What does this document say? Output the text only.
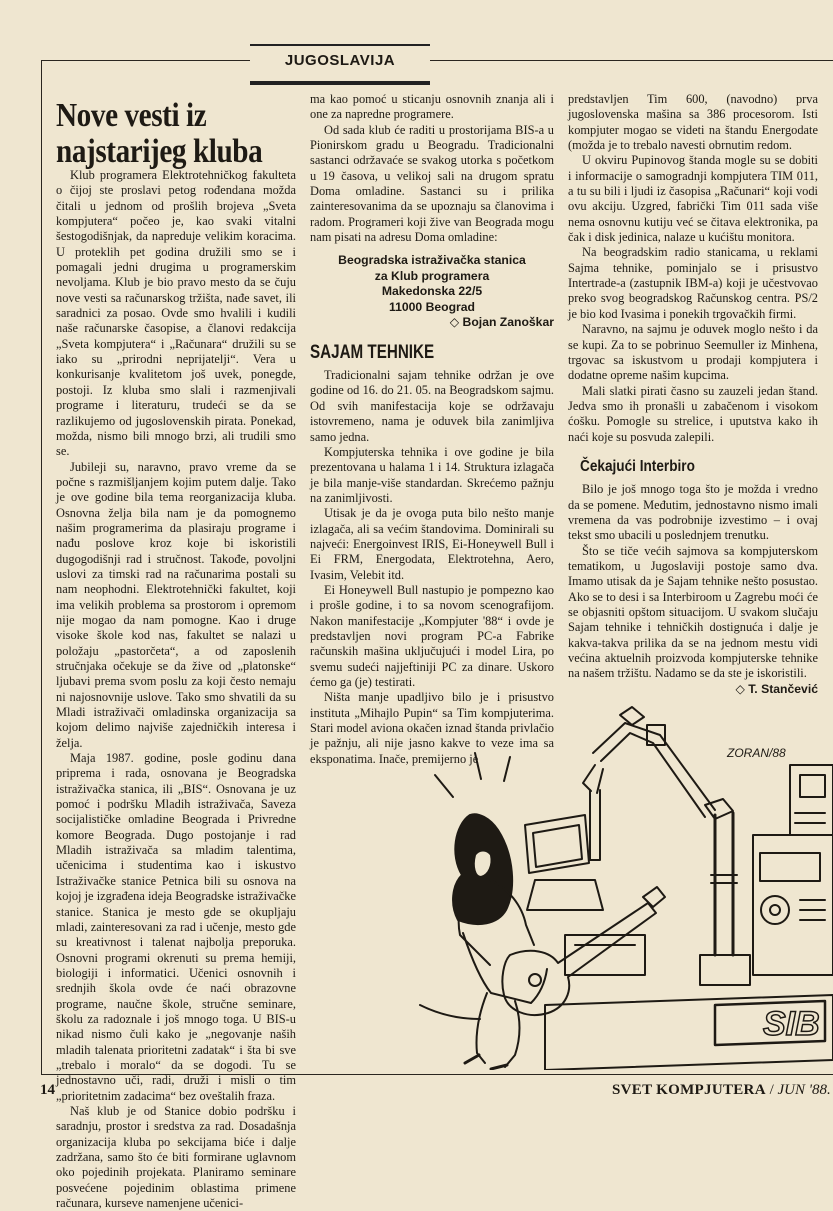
JUGOSLAVIJA
Nove vesti iz
najstarijeg kluba

Klub programera Elektrotehničkog fakulteta o čijoj ste proslavi petog rođendana možda čitali u jednom od prošlih brojeva „Sveta kompjutera“ počeo je, kao svaki vitalni šestogodišnjak, da napreduje velikim koracima. U proteklih pet godina družili smo se i pomagali jedni drugima u programerskim nevoljama. Klub je bio pravo mesto da se čuju nove vesti sa računarskog tržišta, nađe savet, ili saradnici za posao. Ovde smo hvalili i kudili naše računarske časopise, a članovi redakcija „Sveta kompjutera“ i „Računara“ družili su se iako su „prirodni neprijatelji“. Vera u konkurisanje kvalitetom još uvek, ponegde, postoji. Iz kluba smo slali i razmenjivali programe i literaturu, trudeći se da se razlikujemo od jugoslovenskih pirata. Ponekad, možda, nismo bili mnogo brzi, ali trudili smo se.

Jubileji su, naravno, pravo vreme da se počne s razmišljanjem kojim putem dalje. Tako je ove godine bila tema reorganizacija kluba. Osnovna želja bila nam je da pomognemo našim programerima da plasiraju programe i nađu poslove kroz koje bi iskoristili dugogodišnji rad i stručnost. Takođe, povoljni uslovi za timski rad na računarima postali su nam neophodni. Elektrotehnički fakultet, koji ima velikih problema sa prostorom i opremom nije mogao da nam pomogne. Kao i druge visoke škole kod nas, fakultet se nalazi u položaju „pastorčeta“, a od zaposlenih stručnjaka očekuje se da žive od „platonske“ ljubavi prema svom poslu za koji često nemaju ni najosnovnije uslove. Tako smo shvatili da su Mladi istraživači omladinska organizacija sa kojom delimo najviše zajedničkih interesa i želja.

Maja 1987. godine, posle godinu dana priprema i rada, osnovana je Beogradska istraživačka stanica, ili „BIS“. Osnovana je uz pomoć i podršku Mladih istraživača, Saveza socijalističke omladine Beograda i Privredne komore Beograda. Dugo postojanje i rad Mladih istraživača sa mladim talentima, učenicima i studentima kao i iskustvo Istraživačke stanice Petnica bili su osnova na kojoj je izgrađena ideja Beogradske istraživačke stanice. Stanica je mesto gde se okupljaju mladi, zainteresovani za rad i učenje, mesto gde su kreativnost i talenat najbolja preporuka. Osnovni programi okrenuti su prema hemiji, biologiji i informatici. Učenici osnovnih i srednjih škola ovde će naći obrazovne programe, naučne škole, stručne seminare, školu za radoznale i još mnogo toga. U BIS-u nikad nismo čuli kako je „negovanje naših mladih talenata prioritetni zadatak“ i šta bi sve „trebalo i moralo“ da se dogodi. Tu se jednostavno uči, radi, druži i misli o tim „prioritetnim zadacima“ bez oveštalih fraza.

Naš klub je od Stanice dobio podršku i saradnju, prostor i sredstva za rad. Dosadašnja organizacija kluba po sekcijama biće i dalje zadržana, samo što će biti formirane uglavnom oko pojedinih projekata. Planiramo seminare posvećene pojedinim oblastima primene računara, kurseve namenjene učenici-

ma kao pomoć u sticanju osnovnih znanja ali i one za napredne programere.

Od sada klub će raditi u prostorijama BIS-a u Pionirskom gradu u Beogradu. Tradicionalni sastanci održavaće se svakog utorka s početkom u 19 časova, u velikoj sali na drugom spratu Doma omladine. Sastanci su i prilika zainteresovanima da se upoznaju sa članovima i radom. Programeri koji žive van Beograda mogu nam pisati na adresu Doma omladine:

Beogradska istraživačka stanica
za Klub programera
Makedonska 22/5
11000 Beograd
◇ Bojan Zanoškar
SAJAM TEHNIKE

Tradicionalni sajam tehnike održan je ove godine od 16. do 21. 05. na Beogradskom sajmu. Od svih manifestacija koje se održavaju istovremeno, nama je oduvek bila zanimljiva samo jedna.

Kompjuterska tehnika i ove godine je bila prezentovana u halama 1 i 14. Struktura izlagača je bila manje-više standardan. Skrećemo pažnju na zanimljivosti.

Utisak je da je ovoga puta bilo nešto manje izlagača, ali sa većim štandovima. Dominirali su najveći: Energoinvest IRIS, Ei-Honeywell Bull i Ei FRM, Energodata, Elektrotehna, Aero, Ivasim, Velebit itd.

Ei Honeywell Bull nastupio je pompezno kao i prošle godine, i to sa novom scenografijom. Nakon manifestacije „Kompjuter '88“ i ovde je predstavljen novi program PC-a Fabrike računskih mašina uključujući i model Lira, po svemu sudeći najjeftiniji PC za dinare. Uskoro ćemo ga (je) testirati.

Ništa manje upadljivo bilo je i prisustvo instituta „Mihajlo Pupin“ sa Tim kompjuterima. Stari model aviona okačen iznad štanda privlačio je pažnju, ali nije jasno kakve to veze ima sa eksponatima. Inače, premijerno je

predstavljen Tim 600, (navodno) prva jugoslovenska mašina sa 386 procesorom. Isti kompjuter mogao se videti na štandu Energodate (možda je to trebalo navesti obrnutim redom.

U okviru Pupinovog štanda mogle su se dobiti i informacije o samogradnji kompjutera TIM 011, a tu su bili i ljudi iz časopisa „Računari“ koji vodi ovu akciju. Uzgred, fabrički Tim 011 sada više nema osnovnu kutiju već se čitava elektronika, pa čak i disk jedinica, nalaze u kućištu monitora.

Na beogradskim radio stanicama, u reklami Sajma tehnike, pominjalo se i prisustvo Intertrade-a (zastupnik IBM-a) koji je učestvovao preko svog beogradskog Računskog centra. PS/2 je bio kod Ivasima i ponekih trgovačkih firmi.

Naravno, na sajmu je oduvek moglo nešto i da se kupi. Za to se pobrinuo Seemuller iz Minhena, trgovac sa iskustvom u prodaji kompjutera i dodatne opreme našim kupcima.

Mali slatki pirati časno su zauzeli jedan štand. Jedva smo ih pronašli u zabačenom i visokom ćošku. Pomogle su strelice, i uputstva kako ih naći koje su posvuda zalepili.

Čekajući Interbiro

Bilo je još mnogo toga što je možda i vredno da se pomene. Međutim, jednostavno nismo imali vremena da vas podrobnije izvestimo – i ovaj tekst smo ubacili u poslednjem trenutku.

Što se tiče većih sajmova sa kompjuterskom tematikom, u Jugoslaviji postoje samo dva. Imamo utisak da je Sajam tehnike nešto posustao. Ako se to desi i sa Interbiroom u Zagrebu moći će se objasniti opštom situacijom. U svakom slučaju Sajam tehnike i tehničkih dostignuća i dalje je kakva-takva prilika da se na jednom mestu vidi većina aktuelnih proizvoda kompjuterske tehnike na našem tržištu. Nadamo se da ste je iskoristili.

◇ T. Stančević
SIB
ZORAN/88
14	SVET KOMPJUTERA / JUN '88.
